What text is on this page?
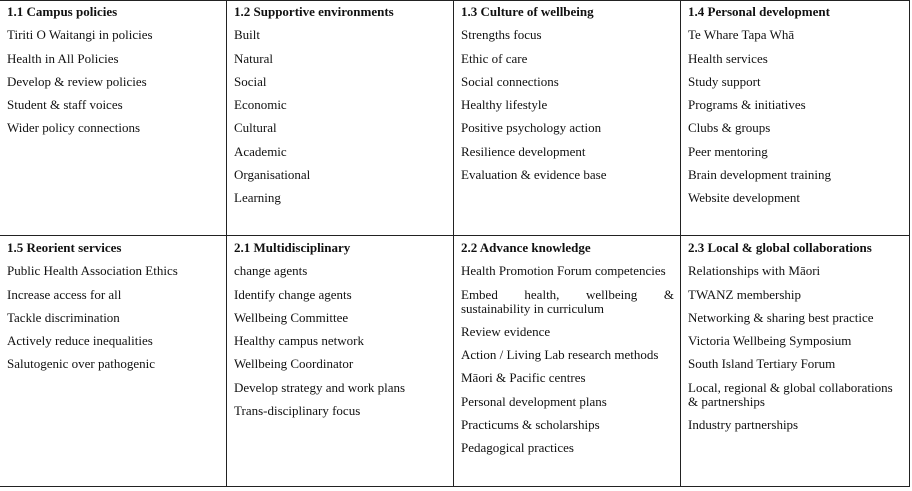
1.1 Campus policies
Tiriti O Waitangi in policies
Health in All Policies
Develop & review policies
Student & staff voices
Wider policy connections
1.2 Supportive environments
Built
Natural
Social
Economic
Cultural
Academic
Organisational
Learning
1.3 Culture of wellbeing
Strengths focus
Ethic of care
Social connections
Healthy lifestyle
Positive psychology action
Resilience development
Evaluation & evidence base
1.4 Personal development
Te Whare Tapa Whā
Health services
Study support
Programs & initiatives
Clubs & groups
Peer mentoring
Brain development training
Website development
1.5 Reorient services
Public Health Association Ethics
Increase access for all
Tackle discrimination
Actively reduce inequalities
Salutogenic over pathogenic
2.1 Multidisciplinary
change agents
Identify change agents
Wellbeing Committee
Healthy campus network
Wellbeing Coordinator
Develop strategy and work plans
Trans-disciplinary focus
2.2 Advance knowledge
Health Promotion Forum competencies
Embed health, wellbeing & sustainability in curriculum
Review evidence
Action / Living Lab research methods
Māori & Pacific centres
Personal development plans
Practicums & scholarships
Pedagogical practices
2.3 Local & global collaborations
Relationships with Māori
TWANZ membership
Networking & sharing best practice
Victoria Wellbeing Symposium
South Island Tertiary Forum
Local, regional & global collaborations & partnerships
Industry partnerships
